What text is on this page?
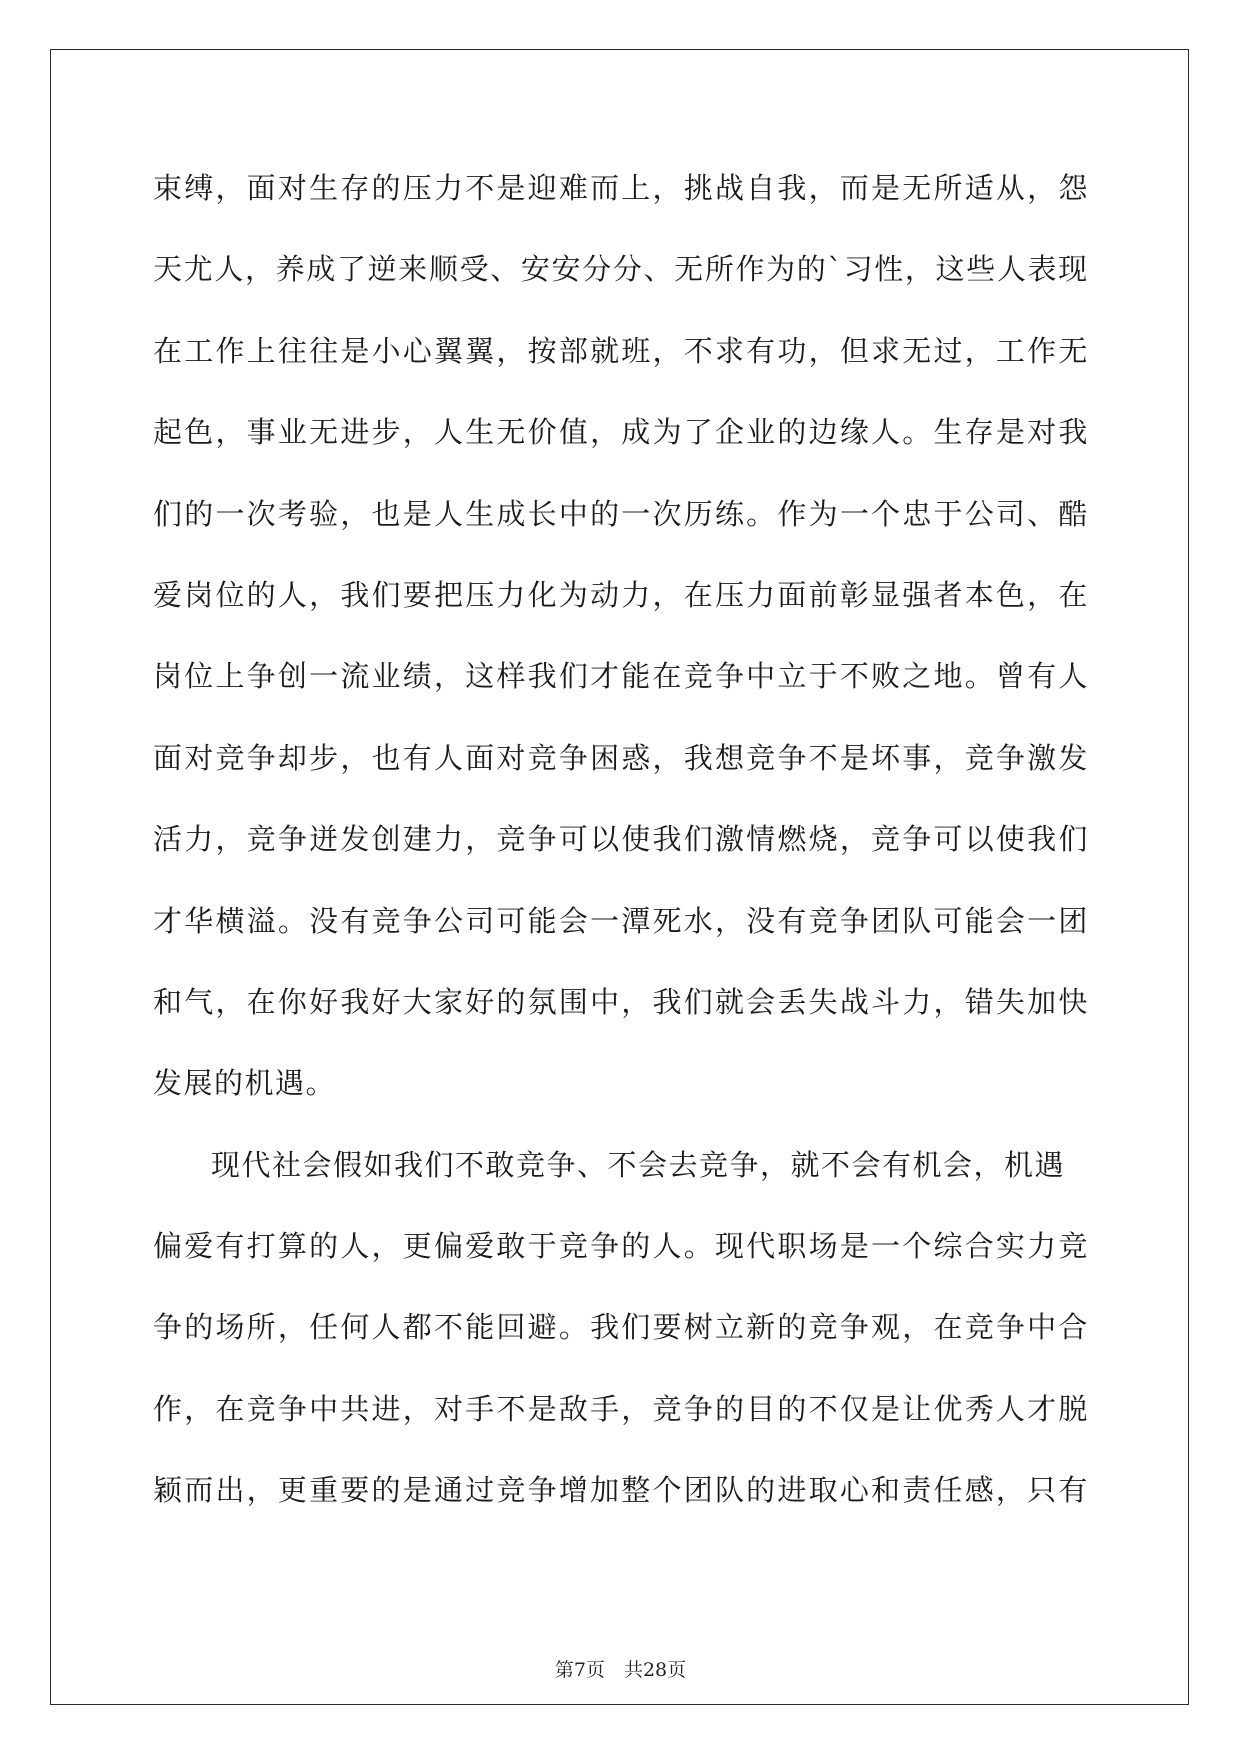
束 缚 ， 面 对 生 存 的 压 力 不 是 迎 难 而 上 ， 挑 战 自 我 ， 而 是 无 所 适 从 ， 怨
天 尤 人 ， 养 成 了 逆 来 顺 受 、 安 安 分 分 、 无 所 作 为 的 ` 习 性 ， 这 些 人 表 现
在 工 作 上 往 往 是 小 心 翼 翼 ， 按 部 就 班 ， 不 求 有 功 ， 但 求 无 过 ， 工 作 无
起 色 ， 事 业 无 进 步 ， 人 生 无 价 值 ， 成 为 了 企 业 的 边 缘 人 。 生 存 是 对 我
们 的 一 次 考 验 ， 也 是 人 生 成 长 中 的 一 次 历 练 。 作 为 一 个 忠 于 公 司 、 酷
爱 岗 位 的 人 ， 我 们 要 把 压 力 化 为 动 力 ， 在 压 力 面 前 彰 显 强 者 本 色 ， 在
岗 位 上 争 创 一 流 业 绩 ， 这 样 我 们 才 能 在 竞 争 中 立 于 不 败 之 地 。 曾 有 人
面 对 竞 争 却 步 ， 也 有 人 面 对 竞 争 困 惑 ， 我 想 竞 争 不 是 坏 事 ， 竞 争 激 发
活 力 ， 竞 争 迸 发 创 建 力 ， 竞 争 可 以 使 我 们 激 情 燃 烧 ， 竞 争 可 以 使 我 们
才 华 横 溢 。 没 有 竞 争 公 司 可 能 会 一 潭 死 水 ， 没 有 竞 争 团 队 可 能 会 一 团
和 气 ， 在 你 好 我 好 大 家 好 的 氛 围 中 ， 我 们 就 会 丢 失 战 斗 力 ， 错 失 加 快
发展的机遇。
现代社会假如我们不敢竞争、不会去竞争，就不会有机会，机遇
偏 爱 有 打 算 的 人 ， 更 偏 爱 敢 于 竞 争 的 人 。 现 代 职 场 是 一 个 综 合 实 力 竞
争 的 场 所 ， 任 何 人 都 不 能 回 避 。 我 们 要 树 立 新 的 竞 争 观 ， 在 竞 争 中 合
作 ， 在 竞 争 中 共 进 ， 对 手 不 是 敌 手 ， 竞 争 的 目 的 不 仅 是 让 优 秀 人 才 脱
颖 而 出 ， 更 重 要 的 是 通 过 竞 争 增 加 整 个 团 队 的 进 取 心 和 责 任 感 ， 只 有
第7页　共28页
